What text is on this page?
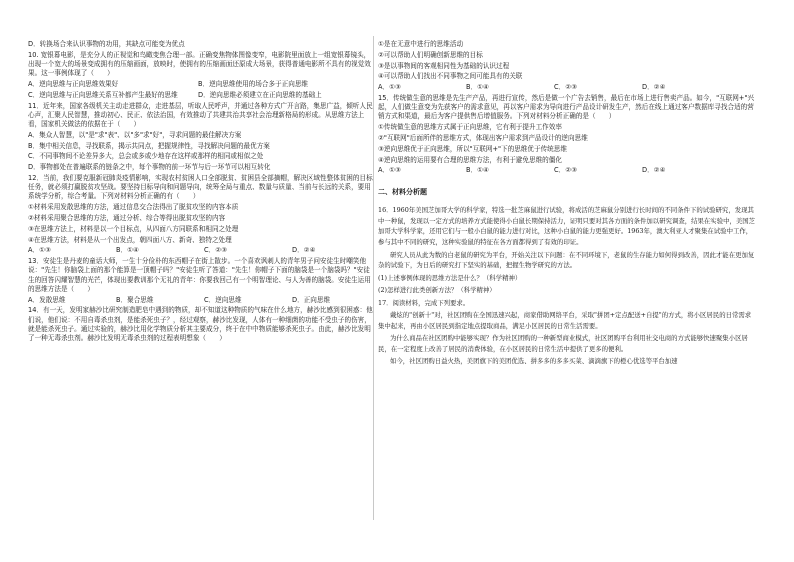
D．转换场合来认识事物的功用，其缺点可能变为优点

10. 宽银幕电影，是充分人的正视觉和鸟瞰变焦合理一部。正确变焦物体图像变窄，电影院里面放上一组宽银幕镜头，出现一个宽大的场景变成拥有的压缩画面，放映时，使拥有的压缩画面还原成大场景，获得普通电影所不具有的视觉效果。这一事例体现了（　　）

A．逆向思维与正向思维效果好	B．逆向思维使用的场合多于正向思维
C．逆向思维与正向思维关系互补都产生最好的思维	D．逆向思维必须建立在正向思维的基础上

11．近年来，国家各级机关主动走进群众，走进基层，听取人民呼声，并通过各种方式广开言路，集思广益，倾听人民心声，汇聚人民智慧，推动初心、民正、依法治国，有效推动了共建共治共享社会治理新格局的形成。从思维方法上看，国家机关做法的依据在于（　　）

A．集众人智慧，以"是"求"表"、以"多"求"好"，寻求问题的最佳解决方案

B．集中相关信息，寻找联系，揭示共同点，把握规律性，寻找解决问题的最优方案

C．不同事物间不论差异多大，总会或多或少地存在这样或那样的相同或相似之处

D．事物都处在普遍联系的链条之中，每个事物的前一环节与后一环节可以相互转化

12．当前，我们要克服新冠肺炎疫情影响，实现农村贫困人口全部脱贫、贫困县全部摘帽，解决区域性整体贫困的目标任务，就必须打赢脱贫攻坚战。要坚持目标导向和问题导向，统筹全局与重点、数量与质量、当前与长远的关系，要用系统学分析，综合考量。下列对材料分析正确的有（　　）

①材料采用发散思维的方法，通过信息交合法得出了脱贫攻坚的内容本质

②材料采用聚合思维的方法，通过分析、综合等得出脱贫攻坚的内容

③在思维方法上，材料是以一个目标点，从四面八方同联系和相同之处理

④在思维方法，材料是从一个出发点，朝四面八方、新奇、独特之处理

A．①③	B．①④	C．②③	D．②④

13．安徒生是丹麦的童话大师，一生十分俭朴的东西帽子在街上散步。一个喜欢讽刺人的青年男子问安徒生时嘲笑他说："先生！你脑袋上面的那个能算是一顶帽子吗？"安徒生听了答道："先生！你帽子下面的脑袋是一个脑袋吗？"安徒生的回答闪耀智慧的光芒，体现出要教训那个无礼的青年：你要我回己有一个明智理论、与人为善的脑袋。安徒生运用的思维方法是（　　）

A．发散思维	B．聚合思维	C．逆向思维	D．正向思维

14．有一天，发明家赫沙比研究制造肥皂中遇到的物质，却不知道这种物质的气味在什么地方，赫沙比感到很困惑：他们说，他们说：不用自毒杀虫剂，是能杀死虫子？，经过观察，赫沙比发现，人体有一种细菌的功能不受虫子的伤害，就是能杀死虫子。通过实验的，赫沙比用化学物质分析其主要成分，终于在中中物质能够杀死虫子。由此，赫沙比发明了一种无毒杀虫剂。赫沙比发明无毒杀虫剂的过程表明想象（　　）

①是在无意中进行的思维活动

②可以帮助人们明确创新思维的目标

③是以事物间的客观相同性为基础的认识过程

④可以帮助人们找出不同事物之间可能具有的关联

A．①③	B．①④	C．②③	D．②④

15．传统做生意的思维是先生产产品，再进行宣传，然后是做一个广告去销售，最后在市场上进行售卖产品。如今，"互联网+"兴起，人们做生意变为先获客户的需求意见，再以客户需求为导向进行产品设计研发生产，然后在线上通过客户数据库寻找合适的营销方式和渠道，最后为客户提供售后增值服务。下列对材料分析正确的是（　　）

①传统做生意的思维方式属于正向思维，它有利于提升工作效率

②"互联网"后面所伴的思维方式，体现出客户需求到产品设计的逆向思维

③逆向思维优于正向思维，所以"互联网+"下的思维优于传统思维

④逆向思维的运用要有合理的思维方法，有利于避免思维的僵化

A．①③	B．①④	C．②③	D．②④
二、材料分析题

16．1960年美国芝加哥大学的科学家，特选一批芝麻鼠进行试验，将成活的芝麻鼠分别进行长时间的不同条件下的试验研究，发现其中一种鼠，发现以一定方式的培养方式能使得小白鼠长期保持活力，证明只要对其各方面的条件加以研究调查，结果在实验中，美国芝加哥大学科学家，还用它们与一般小白鼠的能力进行对比，这种小白鼠的能力更强更好。1963年，澳大利亚人才聚集在试验中工作，参与其中不同的研究，这种实验鼠的特征在各方面都得到了有效的印证。

研究人员从此为数的白老鼠的研究为平台，开始关注以下问题：在不同环境下，老鼠的生存能力如何得到改善，因此才能在更加复杂的试验下，为日后的研究打下坚实的基础，把握生物学研究的方法。

(1)上述事例体现的思维方法是什么？（科学精神）

(2)怎样进行此类创新方法？（科学精神）

17．阅读材料，完成下列要求。

戴炫的"创新十"对，社区团购在全国迅速兴起，商家借助网络平台，采取"拼团+定点配送+自提"的方式，将小区居民的日常需求集中起来，再由小区居民到指定地点提取商品，满足小区居民的日常生活需要。

为什么商品在社区团购中能够实现？作为社区团购的一种新型商业模式，社区团购平台利用社交电商的方式能够快速聚集小区居民，在一定程度上改善了居民的消费体验，在小区居民的日常生活中提供了更多的便利。

如今，社区团购日益火热，美团旗下的美团优选、拼多多的多多买菜、滴滴旗下的橙心优选等平台加速
